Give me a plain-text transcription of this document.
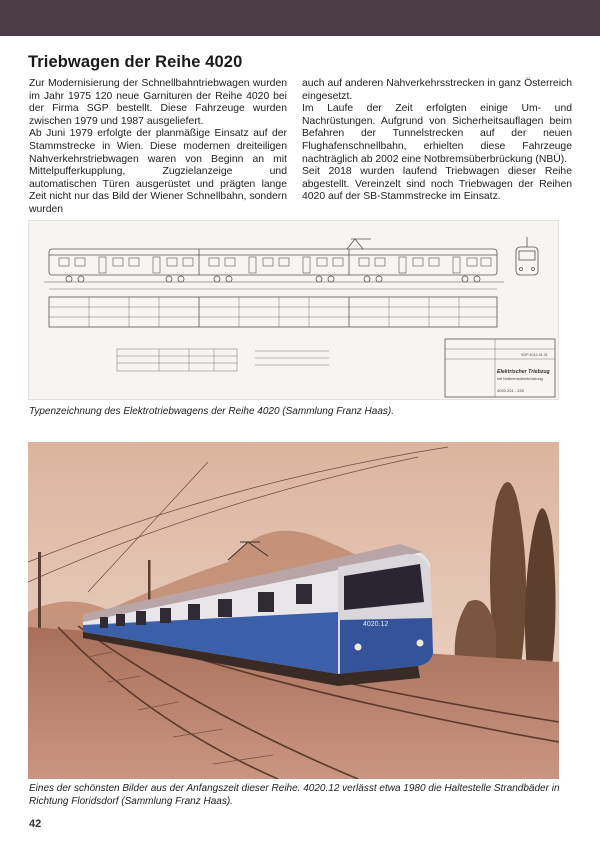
Triebwagen der Reihe 4020

Zur Modernisierung der Schnellbahntriebwagen wurden im Jahr 1975 120 neue Garnituren der Reihe 4020 bei der Firma SGP bestellt. Diese Fahrzeuge wurden zwischen 1979 und 1987 ausgeliefert.

Ab Juni 1979 erfolgte der planmäßige Einsatz auf der Stammstrecke in Wien. Diese modernen dreiteiligen Nahverkehrstriebwagen waren von Beginn an mit Mittelpufferkupplung, Zugzielanzeige und automatischen Türen ausgerüstet und prägten lange Zeit nicht nur das Bild der Wiener Schnellbahn, sondern wurden

auch auf anderen Nahverkehrsstrecken in ganz Österreich eingesetzt.

Im Laufe der Zeit erfolgten einige Um- und Nachrüstungen. Aufgrund von Sicherheitsauflagen beim Befahren der Tunnelstrecken auf der neuen Flughafenschnellbahn, erhielten diese Fahrzeuge nachträglich ab 2002 eine Notbremsüberbrückung (NBÜ).

Seit 2018 wurden laufend Triebwagen dieser Reihe abgestellt. Vereinzelt sind noch Triebwagen der Reihen 4020 auf der SB-Stammstrecke im Einsatz.

Elektrischer Triebzug
mit Notbremsüberbrückung
4020.201 - 220
SGP 4012-01.01

Typenzeichnung des Elektrotriebwagens der Reihe 4020 (Sammlung Franz Haas).

4020.12

Eines der schönsten Bilder aus der Anfangszeit dieser Reihe. 4020.12 verlässt etwa 1980 die Haltestelle Strandbäder in Richtung Floridsdorf (Sammlung Franz Haas).

42
